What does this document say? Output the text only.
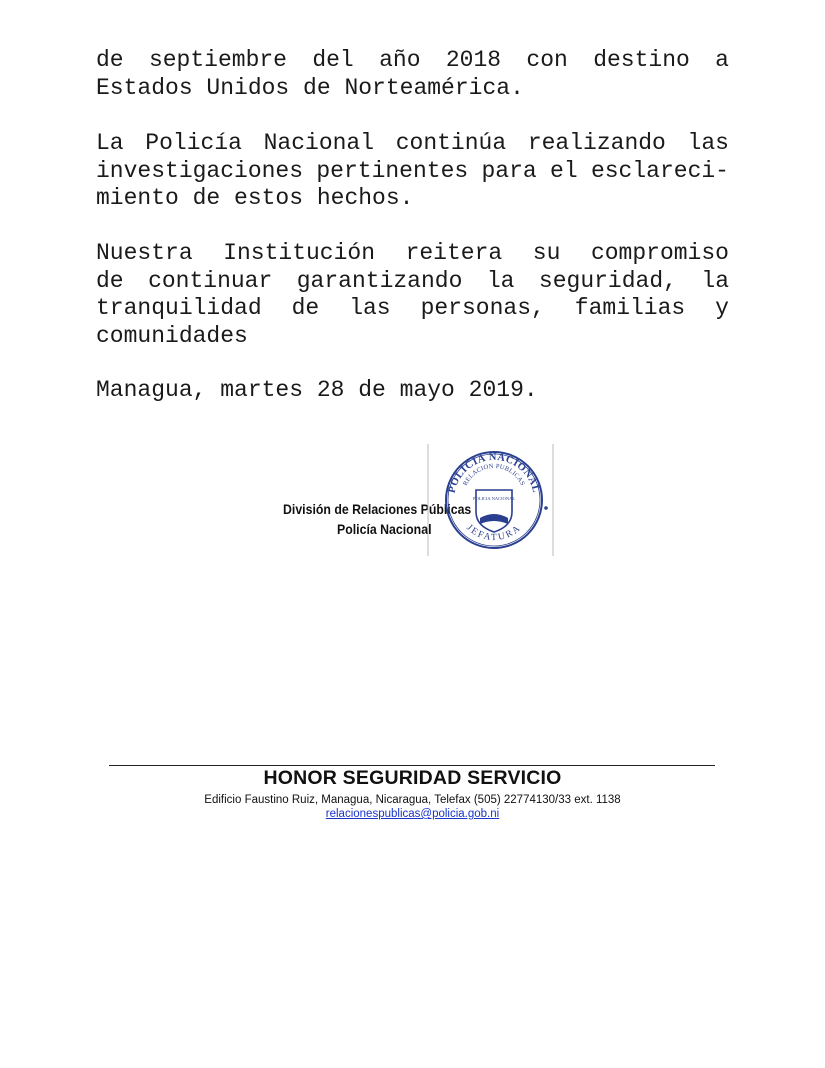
de septiembre del año 2018 con destino a
Estados Unidos de Norteamérica.
La Policía Nacional continúa realizando las
investigaciones pertinentes para el esclareci-
miento de estos hechos.
Nuestra Institución reitera su compromiso
de continuar garantizando la seguridad, la
tranquilidad de las personas, familias y
comunidades
Managua, martes 28 de mayo 2019.
División de Relaciones Públicas
Policía Nacional
POLICIA NACIONAL
RELACION PUBLICAS
JEFATURA
POLICIA NACIONAL
HONOR SEGURIDAD SERVICIO
Edificio Faustino Ruiz, Managua, Nicaragua, Telefax (505) 22774130/33 ext. 1138
relacionespublicas@policia.gob.ni
